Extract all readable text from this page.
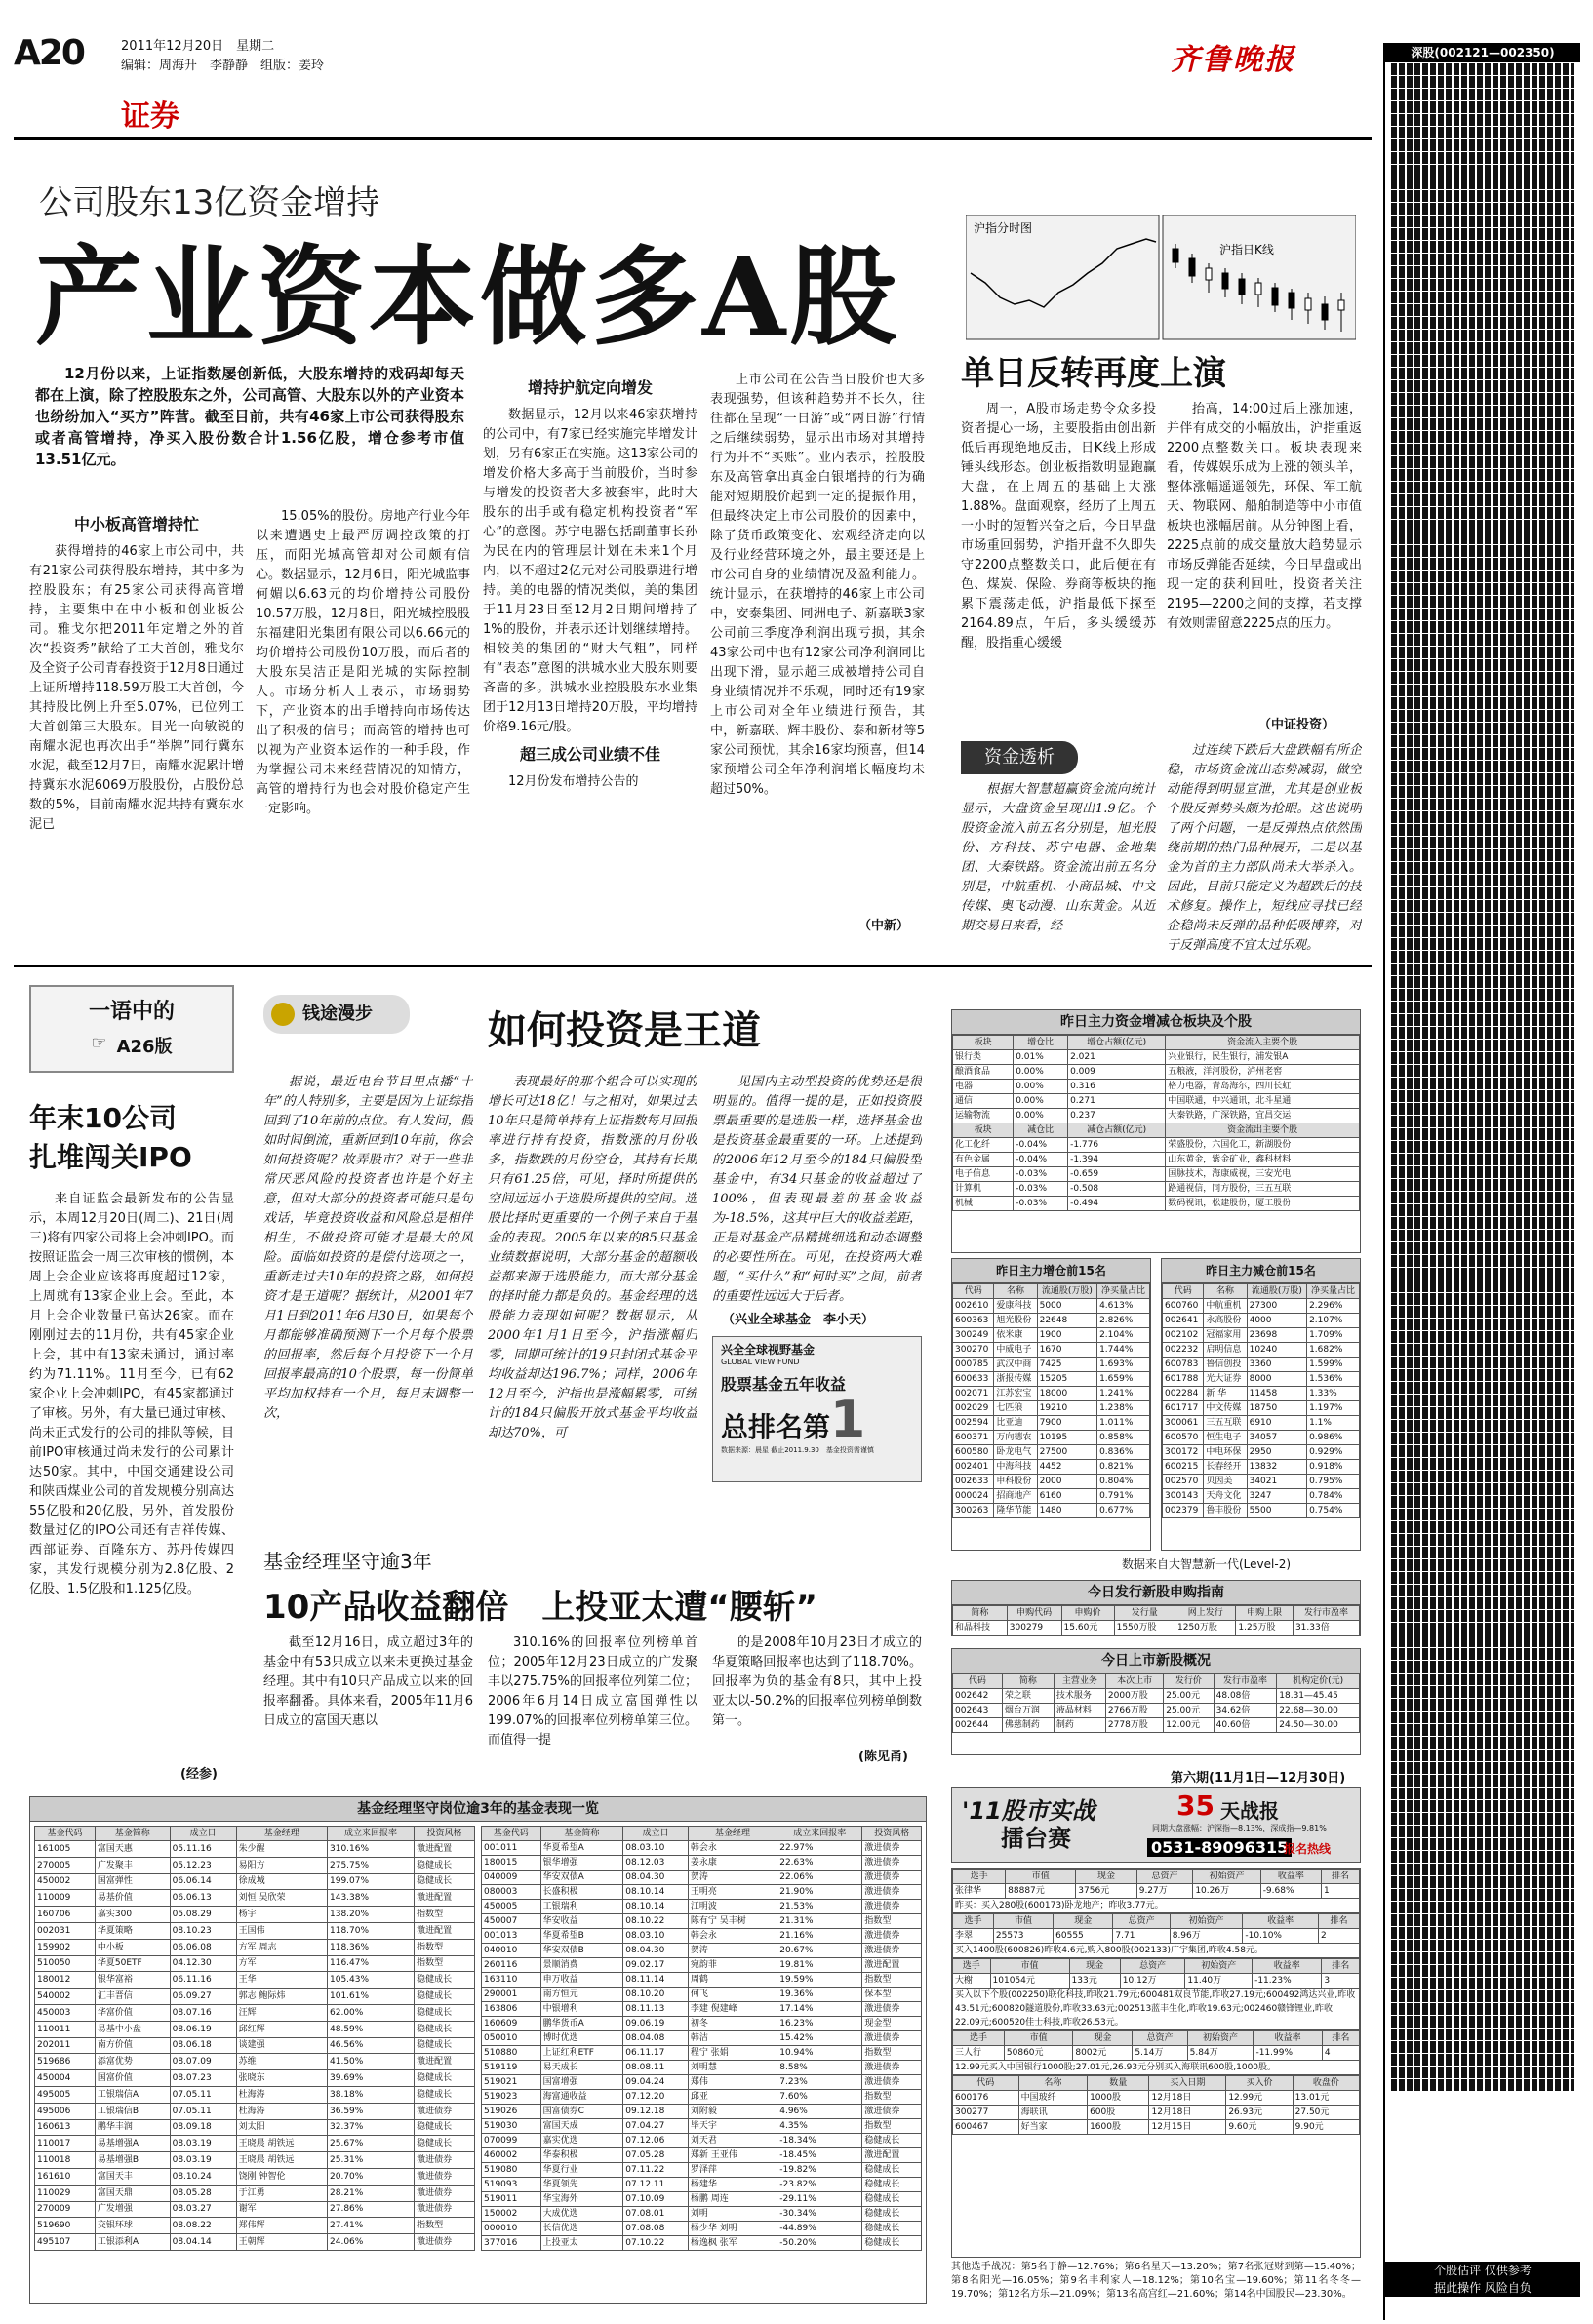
A20	2011年12月20日　星期二
编辑：周海升　李静静　组版：姜玲
证券
齐鲁晚报
公司股东13亿资金增持
产业资本做多A股

12月份以来，上证指数屡创新低，大股东增持的戏码却每天都在上演，除了控股股东之外，公司高管、大股东以外的产业资本也纷纷加入“买方”阵营。截至目前，共有46家上市公司获得股东或者高管增持，净买入股份数合计1.56亿股，增仓参考市值13.51亿元。

中小板高管增持忙

获得增持的46家上市公司中，共有21家公司获得股东增持，其中多为控股股东；有25家公司获得高管增持，主要集中在中小板和创业板公司。雅戈尔把2011年定增之外的首次“投资秀”献给了工大首创，雅戈尔及全资子公司青春投资于12月8日通过上证所增持118.59万股工大首创，今其持股比例上升至5.07%，已位列工大首创第三大股东。目光一向敏锐的南耀水泥也再次出手“举牌”同行冀东水泥，截至12月7日，南耀水泥累计增持冀东水泥6069万股股份，占股份总数的5%，目前南耀水泥共持有冀东水泥已

15.05%的股份。房地产行业今年以来遭遇史上最严厉调控政策的打压，而阳光城高管却对公司颇有信心。数据显示，12月6日，阳光城监事何媚以6.63元的均价增持公司股份10.57万股，12月8日，阳光城控股股东福建阳光集团有限公司以6.66元的均价增持公司股份10万股，而后者的大股东吴洁正是阳光城的实际控制人。市场分析人士表示，市场弱势下，产业资本的出手增持向市场传达出了积极的信号；而高管的增持也可以视为产业资本运作的一种手段，作为掌握公司未来经营情况的知情方，高管的增持行为也会对股价稳定产生一定影响。

增持护航定向增发

数据显示，12月以来46家获增持的公司中，有7家已经实施完毕增发计划，另有6家正在实施。这13家公司的增发价格大多高于当前股价，当时参与增发的投资者大多被套牢，此时大股东的出手或有稳定机构投资者“军心”的意图。苏宁电器包括副董事长孙为民在内的管理层计划在未来1个月内，以不超过2亿元对公司股票进行增持。美的电器的情况类似，美的集团于11月23日至12月2日期间增持了1%的股份，并表示还计划继续增持。相较美的集团的“财大气粗”，同样有“表态”意图的洪城水业大股东则要吝啬的多。洪城水业控股股东水业集团于12月13日增持20万股，平均增持价格9.16元/股。

超三成公司业绩不佳

12月份发布增持公告的

上市公司在公告当日股价也大多表现强势，但该种趋势并不长久，往往都在呈现“一日游”或“两日游”行情之后继续弱势，显示出市场对其增持行为并不“买账”。业内表示，控股股东及高管拿出真金白银增持的行为确能对短期股价起到一定的提振作用，但最终决定上市公司股价的因素中，除了货币政策变化、宏观经济走向以及行业经营环境之外，最主要还是上市公司自身的业绩情况及盈利能力。统计显示，在获增持的46家上市公司中，安泰集团、同洲电子、新嘉联3家公司前三季度净利润出现亏损，其余43家公司中也有12家公司净利润同比出现下滑，显示超三成被增持公司自身业绩情况并不乐观，同时还有19家上市公司对全年业绩进行预告，其中，新嘉联、辉丰股份、泰和新材等5家公司预忧，其余16家均预喜，但14家预增公司全年净利润增长幅度均未超过50%。

（中新）
沪指分时图
沪指日K线
单日反转再度上演

周一，A股市场走势令众多投资者提心一场，主要股指由创出新低后再现绝地反击，日K线上形成锤头线形态。创业板指数明显跑赢大盘，在上周五的基础上大涨1.88%。盘面观察，经历了上周五一小时的短暂兴奋之后，今日早盘市场重回弱势，沪指开盘不久即失守2200点整数关口，此后便在有色、煤炭、保险、券商等板块的拖累下震荡走低，沪指最低下探至2164.89点，午后，多头缓缓苏醒，股指重心缓缓

抬高，14:00过后上涨加速，并伴有成交的小幅放出，沪指重返2200点整数关口。板块表现来看，传媒娱乐成为上涨的领头羊，整体涨幅遥遥领先，环保、军工航天、物联网、船舶制造等中小市值板块也涨幅居前。从分钟图上看，2225点前的成交量放大趋势显示市场反弹能否延续，今日早盘或出现一定的获利回吐，投资者关注2195—2200之间的支撑，若支撑有效则需留意2225点的压力。

（中证投资）
资金透析

根据大智慧超赢资金流向统计显示，大盘资金呈现出1.9亿。个股资金流入前五名分别是，旭光股份、方科技、苏宁电器、金地集团、大秦铁路。资金流出前五名分别是，中航重机、小商品城、中文传媒、奥飞动漫、山东黄金。从近期交易日来看，经

过连续下跌后大盘跌幅有所企稳，市场资金流出态势减弱，做空动能得到明显宣泄，尤其是创业板个股反弹势头颇为抢眼。这也说明了两个问题，一是反弹热点依然围绕前期的热门品种展开，二是以基金为首的主力部队尚未大举杀入。因此，目前只能定义为超跌后的技术修复。操作上，短线应寻找已经企稳尚未反弹的品种低吸博弈，对于反弹高度不宜太过乐观。

一语中的
☞ A26版
年末10公司
扎堆闯关IPO

来自证监会最新发布的公告显示，本周12月20日(周二)、21日(周三)将有四家公司将上会冲刺IPO。而按照证监会一周三次审核的惯例，本周上会企业应该将再度超过12家，上周就有13家企业上会。至此，本月上会企业数量已高达26家。而在刚刚过去的11月份，共有45家企业上会，其中有13家未通过，通过率约为71.11%。11月至今，已有62家企业上会冲刺IPO，有45家都通过了审核。另外，有大量已通过审核、尚未正式发行的公司的排队等候，目前IPO审核通过尚未发行的公司累计达50家。其中，中国交通建设公司和陕西煤业公司的首发规模分别高达55亿股和20亿股，另外，首发股份数量过亿的IPO公司还有吉祥传媒、西部证券、百隆东方、苏丹传媒四家，其发行规模分别为2.8亿股、2亿股、1.5亿股和1.125亿股。

(经参)
钱途漫步	如何投资是王道

据说，最近电台节目里点播“十年”的人特别多，主要是因为上证综指回到了10年前的点位。有人发问，假如时间倒流，重新回到10年前，你会如何投资呢？故弄股市？对于一些非常厌恶风险的投资者也许是个好主意，但对大部分的投资者可能只是句戏话，毕竟投资收益和风险总是相伴相生，不做投资可能才是最大的风险。面临如投资的是偿付选项之一，重新走过去10年的投资之路，如何投资才是王道呢？据统计，从2001年7月1日到2011年6月30日，如果每个月都能够准确预测下一个月每个股票的回报率，然后每个月投资下一个月回报率最高的10个股票，每一份简单平均加权持有一个月，每月末调整一次，

表现最好的那个组合可以实现的增长可达18亿！与之相对，如果过去10年只是简单持有上证指数每月回报率进行持有投资，指数涨的月份收多，指数跌的月份空仓，其持有长期只有61.25倍，可见，择时所提供的空间远远小于选股所提供的空间。选股比择时更重要的一个例子来自于基金的表现。2005年以来的85只基金业绩数据说明，大部分基金的超额收益都来源于选股能力，而大部分基金的择时能力都是负的。基金经理的选股能力表现如何呢？数据显示，从2000年1月1日至今，沪指涨幅归零，同期可统计的19只封闭式基金平均收益却达196.7%；同样，2006年12月至今，沪指也是涨幅累零，可统计的184只偏股开放式基金平均收益却达70%，可

见国内主动型投资的优势还是很明显的。值得一提的是，正如投资股票最重要的是选股一样，选择基金也是投资基金最重要的一环。上述提到的2006年12月至今的184只偏股型基金中，有34只基金的收益超过了100%，但表现最差的基金收益为-18.5%，这其中巨大的收益差距，正是对基金产品精挑细选和动态调整的必要性所在。可见，在投资两大难题，“买什么”和“何时买”之间，前者的重要性远远大于后者。

（兴业全球基金　李小天）
兴全全球视野基金
GLOBAL VIEW FUND
股票基金五年收益
总排名第 1
数据来源：晨星 截止2011.9.30　基金投资需谨慎
基金经理坚守逾3年
10产品收益翻倍　上投亚太遭“腰斩”

截至12月16日，成立超过3年的基金中有53只成立以来未更换过基金经理。其中有10只产品成立以来的回报率翻番。具体来看，2005年11月6日成立的富国天惠以

310.16%的回报率位列榜单首位；2005年12月23日成立的广发聚丰以275.75%的回报率位列第二位；2006年6月14日成立富国弹性以199.07%的回报率位列榜单第三位。而值得一提

的是2008年10月23日才成立的华夏策略回报率也达到了118.70%。回报率为负的基金有8只，其中上投亚太以-50.2%的回报率位列榜单倒数第一。

(陈见甬)
基金经理坚守岗位逾3年的基金表现一览
基金代码	基金简称	成立日	基金经理	成立来回报率	投资风格
161005	富国天惠	05.11.16	朱少醒	310.16%	激进配置
270005	广发聚丰	05.12.23	易阳方	275.75%	稳健成长
450002	国富弹性	06.06.14	徐成城	199.07%	稳健成长
110009	易基价值	06.06.13	刘恒 吴欣荣	143.38%	激进配置
160706	嘉实300	05.08.29	杨宇	138.20%	指数型
002031	华夏策略	08.10.23	王国伟	118.70%	激进配置
159902	中小板	06.06.08	方军 周志	118.36%	指数型
510050	华夏50ETF	04.12.30	方军	116.47%	指数型
180012	银华富裕	06.11.16	王华	105.43%	稳健成长
540002	汇丰晋信	06.09.27	郭志 鲍际炜	101.61%	稳健成长
450003	华富价值	08.07.16	汪辉	62.00%	稳健成长
110011	易基中小盘	08.06.19	邱红辉	48.59%	稳健成长
202011	南方价值	08.06.18	谈建强	46.56%	稳健成长
519686	添富优势	08.07.09	苏维	41.50%	激进配置
450004	国富价值	08.07.23	张晓东	39.69%	稳健成长
495005	工银瑞信A	07.05.11	杜海涛	38.18%	稳健成长
495006	工银瑞信B	07.05.11	杜海涛	36.59%	激进债券
160613	鹏华丰润	08.09.18	刘太阳	32.37%	稳健成长
110017	易基增强A	08.03.19	王晓晨 胡铁远	25.67%	稳健成长
110018	易基增强B	08.03.19	王晓晨 胡铁远	25.31%	激进债券
161610	富国天丰	08.10.24	饶刚 钟智伦	20.70%	激进债券
110029	富国天鼎	08.05.28	于江勇	28.21%	激进债券
270009	广发增强	08.03.27	谢军	27.86%	激进债券
519690	交银环球	08.08.22	郑伟辉	27.41%	指数型
495107	工银添利A	08.04.14	王朝辉	24.06%	激进债券
基金代码	基金简称	成立日	基金经理	成立来回报率	投资风格
001011	华夏希望A	08.03.10	韩会永	22.97%	激进债券
180015	银华增强	08.12.03	姜永康	22.63%	激进债券
040009	华安双债A	08.04.30	贺涛	22.06%	激进债券
080003	长盛积极	08.10.14	王明亮	21.90%	激进债券
450005	工银瑞利	08.10.14	江明波	21.53%	激进债券
450007	华安收益	08.10.22	陈有宁 吴丰树	21.31%	指数型
001013	华夏希望B	08.03.10	韩会永	21.16%	激进债券
040010	华安双债B	08.04.30	贺涛	20.67%	激进债券
260116	景顺消费	09.02.17	宛韵菲	19.81%	激进配置
163110	申万收益	08.11.14	周鹤	19.59%	指数型
290001	南方恒元	08.10.20	何飞	19.36%	保本型
163806	中银增利	08.11.13	李建 倪建峰	17.14%	激进债券
160609	鹏华货币A	09.06.19	初冬	16.23%	现金型
050010	博时优选	08.04.08	韩洁	15.42%	激进债券
510880	上证红利ETF	06.11.17	程宁 张娟	10.94%	指数型
519119	易天成长	08.08.11	刘明慧	8.58%	激进债券
519021	国富增强	09.04.24	郑伟	7.23%	激进债券
519023	海富通收益	07.12.20	邱亚	7.60%	指数型
519026	国富债券C	09.12.18	刘附毅	4.96%	激进债券
519030	富国天成	07.04.27	毕天宇	4.35%	指数型
070099	嘉实优选	07.12.06	刘天君	-18.34%	稳健成长
460002	华泰积极	07.05.28	郑新 王亚伟	-18.45%	激进配置
519080	华夏行业	07.11.22	罗泽萍	-19.82%	稳健成长
519093	华夏领先	07.12.11	杨建华	-23.82%	稳健成长
519011	华宝海外	07.10.09	杨鹏 周连	-29.11%	稳健成长
150002	大成优选	07.08.01	刘明	-30.34%	稳健成长
000010	长信优选	07.08.08	杨少华 刘明	-44.89%	稳健成长
377016	上投亚太	07.10.22	杨逸枫 张军	-50.20%	稳健成长
昨日主力资金增减仓板块及个股
板块	增仓比	增仓占额(亿元)	资金流入主要个股
银行类	0.01%	2.021	兴业银行，民生银行，浦发银A
酿酒食品	0.00%	0.009	五粮液，洋河股份，泸州老窖
电器	0.00%	0.316	格力电器，青岛海尔，四川长虹
通信	0.00%	0.271	中国联通，中兴通讯，北斗星通
运输物流	0.00%	0.237	大秦铁路，广深铁路，宜昌交运
板块	减仓比	减仓占额(亿元)	资金流出主要个股
化工化纤	-0.04%	-1.776	荣盛股份，六国化工，新湖股份
有色金属	-0.04%	-1.394	山东黄金，紫金矿业，鑫科材料
电子信息	-0.03%	-0.659	国脉技术，海康威视，三安光电
计算机	-0.03%	-0.508	路通视信，同方股份，三五互联
机械	-0.03%	-0.494	数码视讯，松建股份，厦工股份
昨日主力增仓前15名
代码	名称	流通股(万股)	净买量占比
002610	爱康科技	5000	4.613%
600363	旭光股份	22648	2.826%
300249	依米康	1900	2.104%
300270	中威电子	1670	1.744%
000785	武汉中商	7425	1.693%
600633	浙报传媒	15205	1.659%
002071	江苏宏宝	18000	1.241%
002029	七匹狼	19210	1.238%
002594	比亚迪	7900	1.011%
600371	万向德农	10195	0.858%
600580	卧龙电气	27500	0.836%
002401	中海科技	4452	0.821%
002633	申科股份	2000	0.804%
000024	招商地产	6160	0.791%
300263	隆华节能	1480	0.677%
昨日主力减仓前15名
代码	名称	流通股(万股)	净买量占比
600760	中航重机	27300	2.296%
002641	永高股份	4000	2.107%
002102	冠福家用	23698	1.709%
002232	启明信息	10240	1.682%
600783	鲁信创投	3360	1.599%
601788	光大证券	8000	1.536%
002284	新 华	11458	1.33%
601717	中文传媒	18750	1.197%
300061	三五互联	6910	1.1%
600570	恒生电子	34057	0.986%
300172	中电环保	2950	0.929%
600215	长春经开	13832	0.918%
002570	贝因美	34021	0.795%
300143	天舟文化	3247	0.784%
002379	鲁丰股份	5500	0.754%
数据来自大智慧新一代(Level-2)
今日发行新股申购指南
简称	申购代码	申购价	发行量	网上发行	申购上限	发行市盈率
和晶科技	300279	15.60元	1550万股	1250万股	1.25万股	31.33倍
今日上市新股概况
代码	简称	主营业务	本次上市	发行价	发行市盈率	机构定价(元)
002642	荣之联	技术服务	2000万股	25.00元	48.08倍	18.31—45.45
002643	烟台万润	液晶材料	2766万股	25.00元	34.62倍	22.68—30.00
002644	佛慈制药	制药	2778万股	12.00元	40.60倍	24.50—30.00
第六期(11月1日—12月30日)
'11股市实战
擂台赛
35 天战报
同期大盘涨幅：沪深指—8.13%，深成指—9.81%
0531-89096315
报名热线
选手	市值	现金	总资产	初始资产	收益率	排名
张律华	88887元	3756元	9.27万	10.26万	-9.68%	1
昨买：买入280股(600173)卧龙地产；昨收3.77元。						
选手	市值	现金	总资产	初始资产	收益率	排名
李翠	25573	60555	7.71	8.96万	-10.10%	2
买入1400股(600826)昨收4.6元,购入800股(002133)广宇集团,昨收4.58元。						
选手	市值	现金	总资产	初始资产	收益率	排名
大榭	101054元	133元	10.12万	11.40万	-11.23%	3
买入以下个股(002250)联化科技,昨收21.79元;600481双良节能,昨收27.19元;600492鸿达兴业,昨收43.51元;600820隧道股份,昨收33.63元;002513蓝丰生化,昨收19.63元;002460赣锋锂业,昨收22.09元;600520佳士科技,昨收26.53元。						
选手	市值	现金	总资产	初始资产	收益率	排名
三人行	50860元	8002元	5.14万	5.84万	-11.99%	4
12.99元买入中国银行1000股;27.01元,26.93元分别买入海联讯600股,1000股。						
代码	名称	数量	买入日期	买入价	收盘价
600176	中国玻纤	1000股	12月18日	12.99元	13.01元
300277	海联讯	600股	12月18日	26.93元	27.50元
600467	好当家	1600股	12月15日	9.60元	9.90元

其他选手战况：第5名于静—12.76%；第6名星天—13.20%；第7名张冠财到第—15.40%；第8名阳光—16.05%；第9名丰利家人—18.12%；第10名宝—19.60%；第11名冬冬—19.70%；第12名方乐—21.09%；第13名高宫红—21.60%；第14名中国股民—23.30%。

深股(002121—002350)
个股估评 仅供参考
据此操作 风险自负
